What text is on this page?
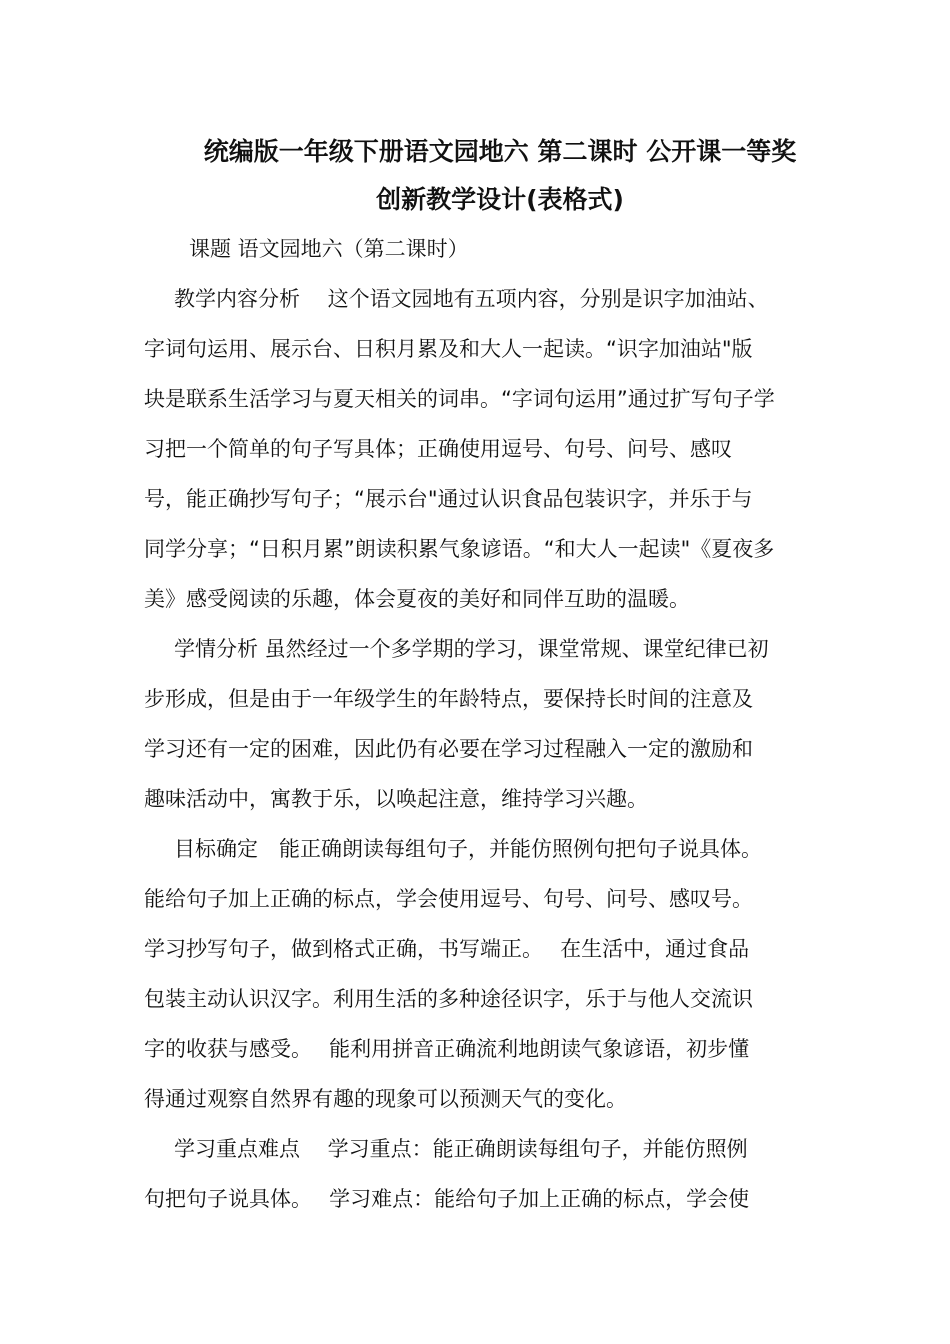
统编版一年级下册语文园地六 第二课时 公开课一等奖
创新教学设计(表格式)
课题 语文园地六（第二课时）
教学内容分析　 这个语文园地有五项内容，分别是识字加油站、
字词句运用、展示台、日积月累及和大人一起读。“识字加油站"版
块是联系生活学习与夏天相关的词串。“字词句运用”通过扩写句子学
习把一个简单的句子写具体；正确使用逗号、句号、问号、感叹
号，能正确抄写句子；“展示台"通过认识食品包装识字，并乐于与
同学分享；“日积月累”朗读积累气象谚语。“和大人一起读"《夏夜多
美》感受阅读的乐趣，体会夏夜的美好和同伴互助的温暖。
学情分析 虽然经过一个多学期的学习，课堂常规、课堂纪律已初
步形成，但是由于一年级学生的年龄特点，要保持长时间的注意及
学习还有一定的困难，因此仍有必要在学习过程融入一定的激励和
趣味活动中，寓教于乐，以唤起注意，维持学习兴趣。
目标确定　能正确朗读每组句子，并能仿照例句把句子说具体。
能给句子加上正确的标点，学会使用逗号、句号、问号、感叹号。
学习抄写句子，做到格式正确，书写端正。　 在生活中，通过食品
包装主动认识汉字。利用生活的多种途径识字，乐于与他人交流识
字的收获与感受。　 能利用拼音正确流利地朗读气象谚语，初步懂
得通过观察自然界有趣的现象可以预测天气的变化。
学习重点难点　 学习重点：能正确朗读每组句子，并能仿照例
句把句子说具体。　 学习难点：能给句子加上正确的标点，学会使
